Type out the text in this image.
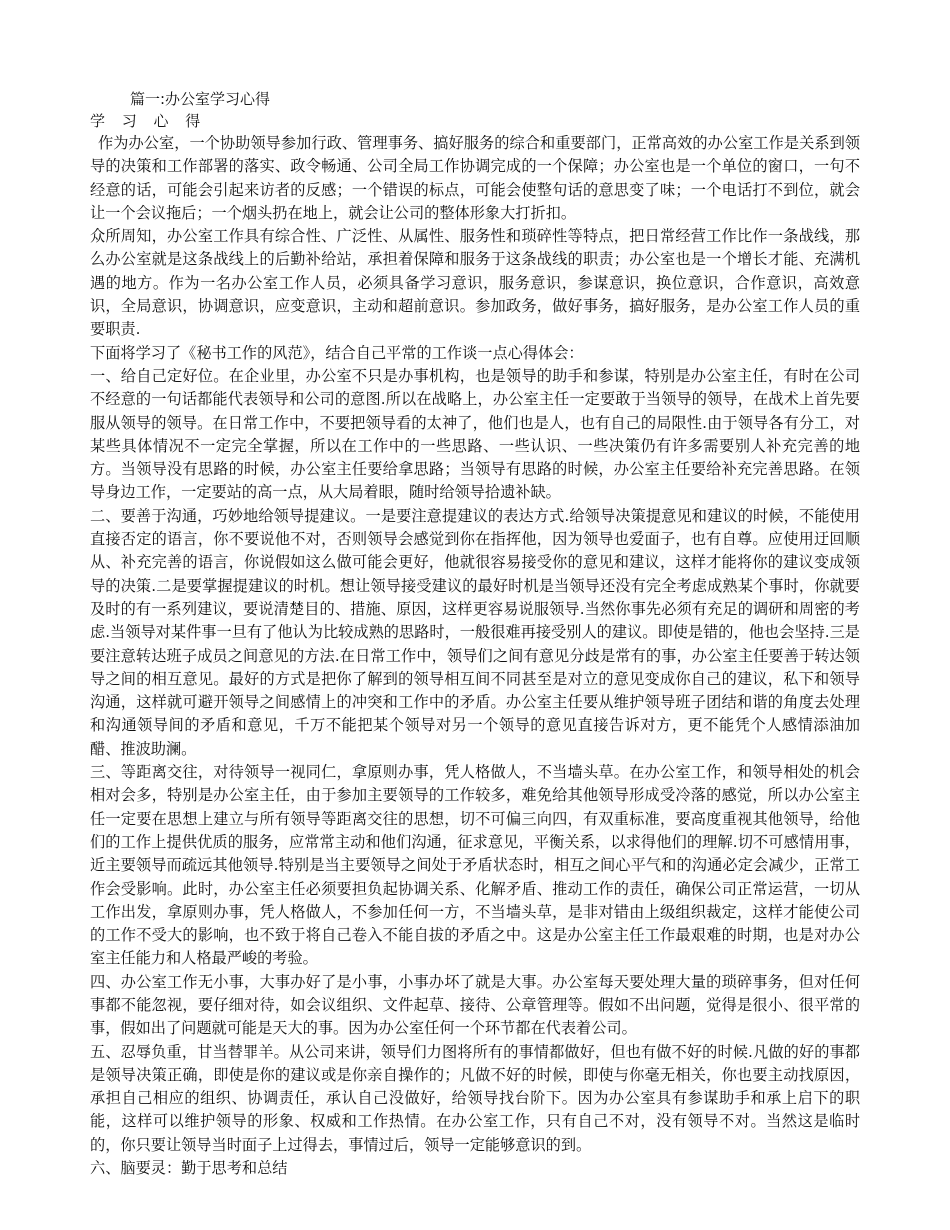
篇一:办公室学习心得

学 习 心 得

作为办公室，一个协助领导参加行政、管理事务、搞好服务的综合和重要部门，正常高效的办公室工作是关系到领导的决策和工作部署的落实、政令畅通、公司全局工作协调完成的一个保障；办公室也是一个单位的窗口，一句不经意的话，可能会引起来访者的反感；一个错误的标点，可能会使整句话的意思变了味；一个电话打不到位，就会让一个会议拖后；一个烟头扔在地上，就会让公司的整体形象大打折扣。

众所周知，办公室工作具有综合性、广泛性、从属性、服务性和琐碎性等特点，把日常经营工作比作一条战线，那么办公室就是这条战线上的后勤补给站，承担着保障和服务于这条战线的职责；办公室也是一个增长才能、充满机遇的地方。作为一名办公室工作人员，必须具备学习意识，服务意识，参谋意识，换位意识，合作意识，高效意识，全局意识，协调意识，应变意识，主动和超前意识。参加政务，做好事务，搞好服务，是办公室工作人员的重要职责.

下面将学习了《秘书工作的风范》，结合自己平常的工作谈一点心得体会：

一、给自己定好位。在企业里，办公室不只是办事机构，也是领导的助手和参谋，特别是办公室主任，有时在公司不经意的一句话都能代表领导和公司的意图.所以在战略上，办公室主任一定要敢于当领导的领导，在战术上首先要服从领导的领导。在日常工作中，不要把领导看的太神了，他们也是人，也有自己的局限性.由于领导各有分工，对某些具体情况不一定完全掌握，所以在工作中的一些思路、一些认识、一些决策仍有许多需要别人补充完善的地方。当领导没有思路的时候，办公室主任要给拿思路；当领导有思路的时候，办公室主任要给补充完善思路。在领导身边工作，一定要站的高一点，从大局着眼，随时给领导拾遗补缺。

二、要善于沟通，巧妙地给领导提建议。一是要注意提建议的表达方式.给领导决策提意见和建议的时候，不能使用直接否定的语言，你不要说他不对，否则领导会感觉到你在指挥他，因为领导也爱面子，也有自尊。应使用迂回顺从、补充完善的语言，你说假如这么做可能会更好，他就很容易接受你的意见和建议，这样才能将你的建议变成领导的决策.二是要掌握提建议的时机。想让领导接受建议的最好时机是当领导还没有完全考虑成熟某个事时，你就要及时的有一系列建议，要说清楚目的、措施、原因，这样更容易说服领导.当然你事先必须有充足的调研和周密的考虑.当领导对某件事一旦有了他认为比较成熟的思路时，一般很难再接受别人的建议。即使是错的，他也会坚持.三是要注意转达班子成员之间意见的方法.在日常工作中，领导们之间有意见分歧是常有的事，办公室主任要善于转达领导之间的相互意见。最好的方式是把你了解到的领导相互间不同甚至是对立的意见变成你自己的建议，私下和领导沟通，这样就可避开领导之间感情上的冲突和工作中的矛盾。办公室主任要从维护领导班子团结和谐的角度去处理和沟通领导间的矛盾和意见，千万不能把某个领导对另一个领导的意见直接告诉对方，更不能凭个人感情添油加醋、推波助澜。

三、等距离交往，对待领导一视同仁，拿原则办事，凭人格做人，不当墙头草。在办公室工作，和领导相处的机会相对会多，特别是办公室主任，由于参加主要领导的工作较多，难免给其他领导形成受冷落的感觉，所以办公室主任一定要在思想上建立与所有领导等距离交往的思想，切不可偏三向四，有双重标准，要高度重视其他领导，给他们的工作上提供优质的服务，应常常主动和他们沟通，征求意见，平衡关系，以求得他们的理解.切不可感情用事，近主要领导而疏远其他领导.特别是当主要领导之间处于矛盾状态时，相互之间心平气和的沟通必定会减少，正常工作会受影响。此时，办公室主任必须要担负起协调关系、化解矛盾、推动工作的责任，确保公司正常运营，一切从工作出发，拿原则办事，凭人格做人，不参加任何一方，不当墙头草，是非对错由上级组织裁定，这样才能使公司的工作不受大的影响，也不致于将自己卷入不能自拔的矛盾之中。这是办公室主任工作最艰难的时期，也是对办公室主任能力和人格最严峻的考验。

四、办公室工作无小事，大事办好了是小事，小事办坏了就是大事。办公室每天要处理大量的琐碎事务，但对任何事都不能忽视，要仔细对待，如会议组织、文件起草、接待、公章管理等。假如不出问题，觉得是很小、很平常的事，假如出了问题就可能是天大的事。因为办公室任何一个环节都在代表着公司。

五、忍辱负重，甘当替罪羊。从公司来讲，领导们力图将所有的事情都做好，但也有做不好的时候.凡做的好的事都是领导决策正确，即使是你的建议或是你亲自操作的；凡做不好的时候，即使与你毫无相关，你也要主动找原因，承担自己相应的组织、协调责任，承认自己没做好，给领导找台阶下。因为办公室具有参谋助手和承上启下的职能，这样可以维护领导的形象、权威和工作热情。在办公室工作，只有自己不对，没有领导不对。当然这是临时的，你只要让领导当时面子上过得去，事情过后，领导一定能够意识的到。

六、脑要灵：勤于思考和总结
